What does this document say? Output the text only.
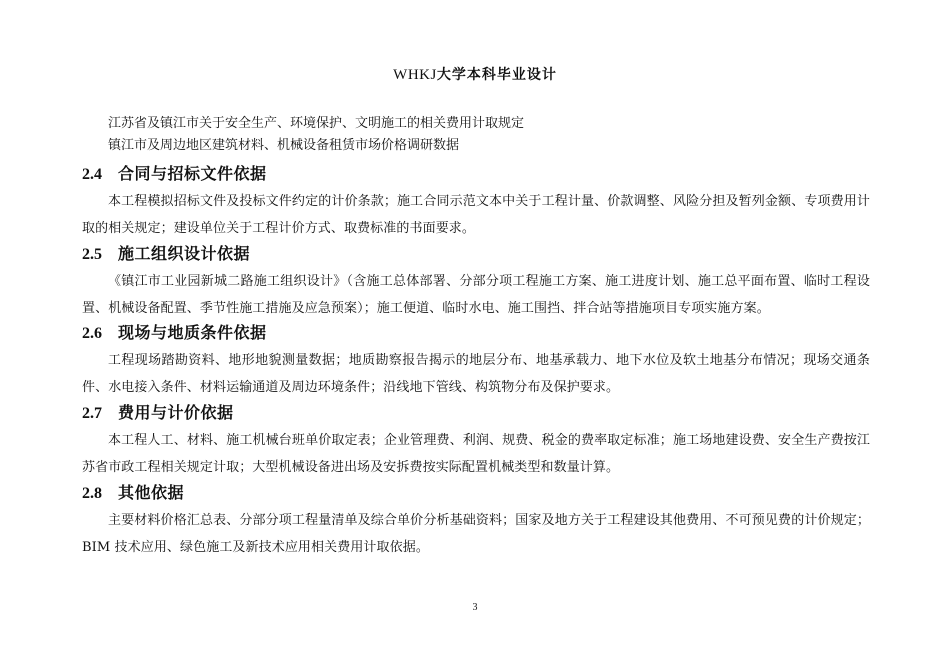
WHKJ大学本科毕业设计
江苏省及镇江市关于安全生产、环境保护、文明施工的相关费用计取规定
镇江市及周边地区建筑材料、机械设备租赁市场价格调研数据
2.4 合同与招标文件依据
本工程模拟招标文件及投标文件约定的计价条款；施工合同示范文本中关于工程计量、价款调整、风险分担及暂列金额、专项费用计取的相关规定；建设单位关于工程计价方式、取费标准的书面要求。
2.5 施工组织设计依据
《镇江市工业园新城二路施工组织设计》（含施工总体部署、分部分项工程施工方案、施工进度计划、施工总平面布置、临时工程设置、机械设备配置、季节性施工措施及应急预案）；施工便道、临时水电、施工围挡、拌合站等措施项目专项实施方案。
2.6 现场与地质条件依据
工程现场踏勘资料、地形地貌测量数据；地质勘察报告揭示的地层分布、地基承载力、地下水位及软土地基分布情况；现场交通条件、水电接入条件、材料运输通道及周边环境条件；沿线地下管线、构筑物分布及保护要求。
2.7 费用与计价依据
本工程人工、材料、施工机械台班单价取定表；企业管理费、利润、规费、税金的费率取定标准；施工场地建设费、安全生产费按江苏省市政工程相关规定计取；大型机械设备进出场及安拆费按实际配置机械类型和数量计算。
2.8 其他依据
主要材料价格汇总表、分部分项工程量清单及综合单价分析基础资料；国家及地方关于工程建设其他费用、不可预见费的计价规定；BIM 技术应用、绿色施工及新技术应用相关费用计取依据。
3
